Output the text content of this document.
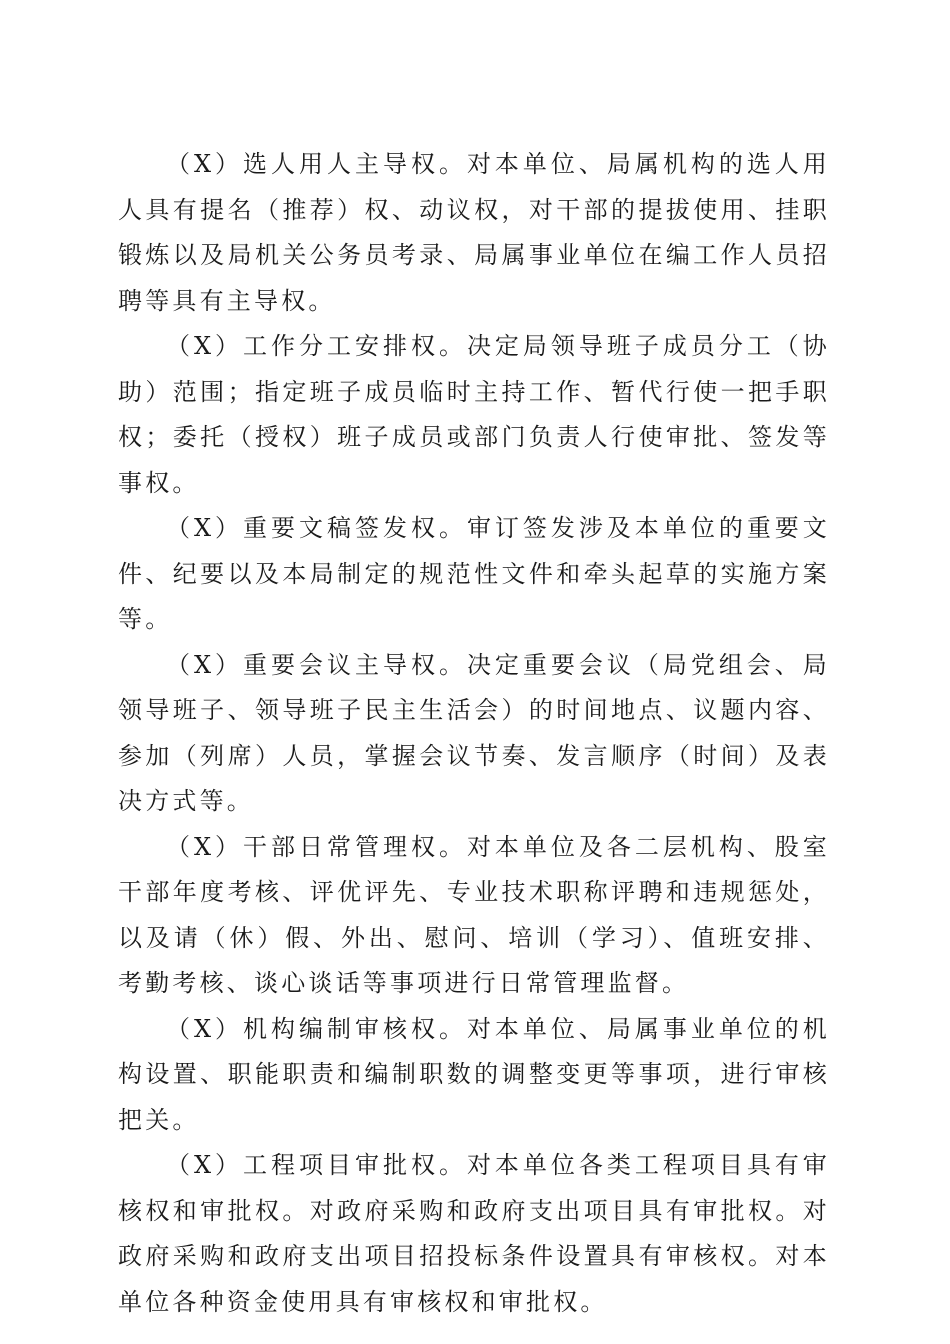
（X）选人用人主导权。对本单位、局属机构的选人用人具有提名（推荐）权、动议权，对干部的提拔使用、挂职锻炼以及局机关公务员考录、局属事业单位在编工作人员招聘等具有主导权。

（X）工作分工安排权。决定局领导班子成员分工（协助）范围；指定班子成员临时主持工作、暂代行使一把手职权；委托（授权）班子成员或部门负责人行使审批、签发等事权。

（X）重要文稿签发权。审订签发涉及本单位的重要文件、纪要以及本局制定的规范性文件和牵头起草的实施方案等。

（X）重要会议主导权。决定重要会议（局党组会、局领导班子、领导班子民主生活会）的时间地点、议题内容、参加（列席）人员，掌握会议节奏、发言顺序（时间）及表决方式等。

（X）干部日常管理权。对本单位及各二层机构、股室干部年度考核、评优评先、专业技术职称评聘和违规惩处，以及请（休）假、外出、慰问、培训（学习）、值班安排、考勤考核、谈心谈话等事项进行日常管理监督。

（X）机构编制审核权。对本单位、局属事业单位的机构设置、职能职责和编制职数的调整变更等事项，进行审核把关。

（X）工程项目审批权。对本单位各类工程项目具有审核权和审批权。对政府采购和政府支出项目具有审批权。对政府采购和政府支出项目招投标条件设置具有审核权。对本单位各种资金使用具有审核权和审批权。
